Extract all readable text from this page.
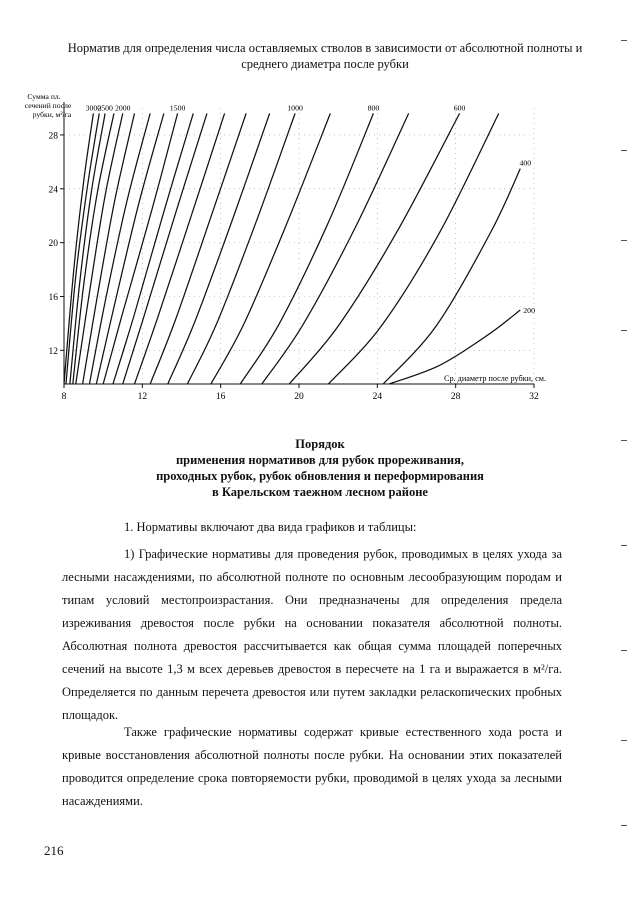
Норматив для определения числа оставляемых стволов в зависимости от абсолютной полноты и среднего диаметра после рубки
8	12	16	20	24	28	32
12
16
20
24
28
Сумма пл.
сечений после
рубки, м²/га
Ср. диаметр после рубки, см.
3000
2500 2000	1500	1000	800	600
400
200
Порядок
применения нормативов для рубок прореживания,
проходных рубок, рубок обновления и переформирования
в Карельском таежном лесном районе
1. Нормативы включают два вида графиков и таблицы:
1) Графические нормативы для проведения рубок, проводимых в целях ухода за лесными насаждениями, по абсолютной полноте по основным лесообразующим породам и типам условий местопроизрастания. Они предназначены для определения предела изреживания древостоя после рубки на основании показателя абсолютной полноты. Абсолютная полнота древостоя рассчитывается как общая сумма площадей поперечных сечений на высоте 1,3 м всех деревьев древостоя в пересчете на 1 га и выражается в м²/га. Определяется по данным перечета древостоя или путем закладки реласкопических пробных площадок.
Также графические нормативы содержат кривые естественного хода роста и кривые восстановления абсолютной полноты после рубки. На основании этих показателей проводится определение срока повторяемости рубки, проводимой в целях ухода за лесными насаждениями.
216
